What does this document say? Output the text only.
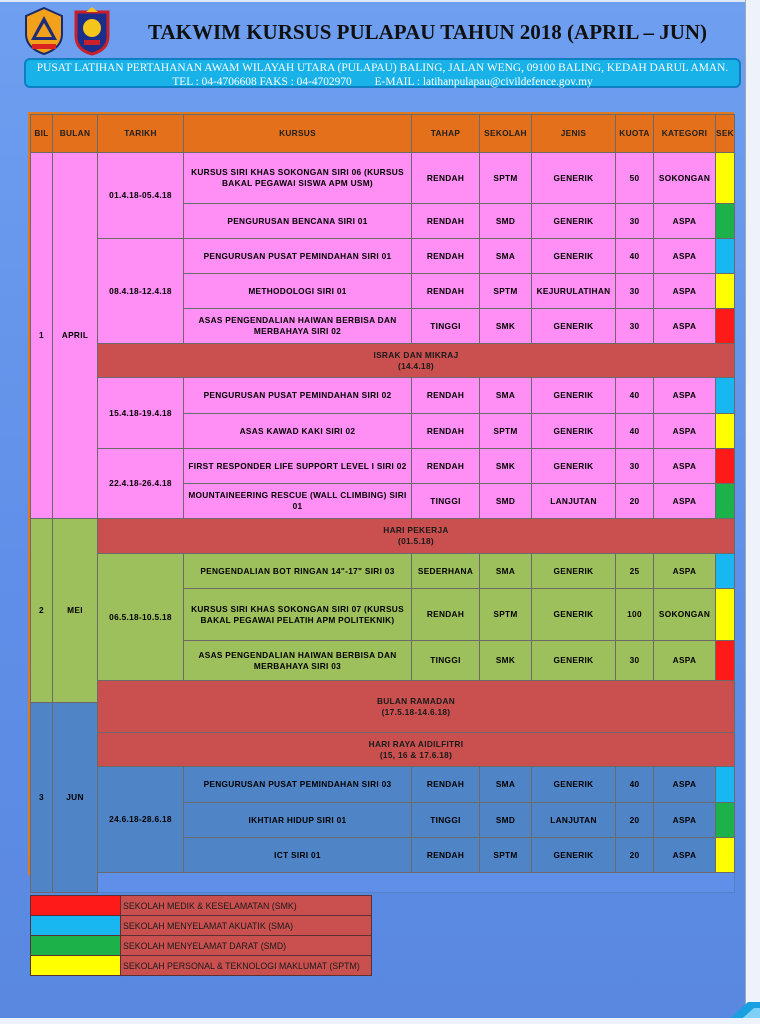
TAKWIM KURSUS PULAPAU TAHUN 2018 (APRIL – JUN)
PUSAT LATIHAN PERTAHANAN AWAM WILAYAH UTARA (PULAPAU) BALING, JALAN WENG, 09100 BALING, KEDAH DARUL AMAN.
TEL : 04-4706608 FAKS : 04-4702970 E-MAIL : latihanpulapau@civildefence.gov.my
BIL	BULAN	TARIKH	KURSUS	TAHAP	SEKOLAH	JENIS	KUOTA	KATEGORI	SEK
1	APRIL	01.4.18-05.4.18	KURSUS SIRI KHAS SOKONGAN SIRI 06 (KURSUS BAKAL PEGAWAI SISWA APM USM)	RENDAH	SPTM	GENERIK	50	SOKONGAN	
			PENGURUSAN BENCANA SIRI 01	RENDAH	SMD	GENERIK	30	ASPA	
		08.4.18-12.4.18	PENGURUSAN PUSAT PEMINDAHAN SIRI 01	RENDAH	SMA	GENERIK	40	ASPA	
			METHODOLOGI SIRI 01	RENDAH	SPTM	KEJURULATIHAN	30	ASPA	
			ASAS PENGENDALIAN HAIWAN BERBISA DAN MERBAHAYA SIRI 02	TINGGI	SMK	GENERIK	30	ASPA	

		ISRAK DAN MIKRAJ
(14.4.18)							

		15.4.18-19.4.18	PENGURUSAN PUSAT PEMINDAHAN SIRI 02	RENDAH	SMA	GENERIK	40	ASPA	
			ASAS KAWAD KAKI SIRI 02	RENDAH	SPTM	GENERIK	40	ASPA	
		22.4.18-26.4.18	FIRST RESPONDER LIFE SUPPORT LEVEL I SIRI 02	RENDAH	SMK	GENERIK	30	ASPA	
			MOUNTAINEERING RESCUE (WALL CLIMBING) SIRI 01	TINGGI	SMD	LANJUTAN	20	ASPA	
2	MEI	HARI PEKERJA
(01.5.18)							

		06.5.18-10.5.18	PENGENDALIAN BOT RINGAN 14"-17" SIRI 03	SEDERHANA	SMA	GENERIK	25	ASPA	
			KURSUS SIRI KHAS SOKONGAN SIRI 07 (KURSUS BAKAL PEGAWAI PELATIH APM POLITEKNIK)	RENDAH	SPTM	GENERIK	100	SOKONGAN	
			ASAS PENGENDALIAN HAIWAN BERBISA DAN MERBAHAYA SIRI 03	TINGGI	SMK	GENERIK	30	ASPA	

		BULAN RAMADAN
(17.5.18-14.6.18)							

3	JUN								

		HARI RAYA AIDILFITRI
(15, 16 & 17.6.18)							

		24.6.18-28.6.18	PENGURUSAN PUSAT PEMINDAHAN SIRI 03	RENDAH	SMA	GENERIK	40	ASPA	
			IKHTIAR HIDUP SIRI 01	TINGGI	SMD	LANJUTAN	20	ASPA	
			ICT SIRI 01	RENDAH	SPTM	GENERIK	20	ASPA	

	SEKOLAH MEDIK & KESELAMATAN (SMK)
	SEKOLAH MENYELAMAT AKUATIK (SMA)
	SEKOLAH MENYELAMAT DARAT (SMD)
	SEKOLAH PERSONAL & TEKNOLOGI MAKLUMAT (SPTM)
